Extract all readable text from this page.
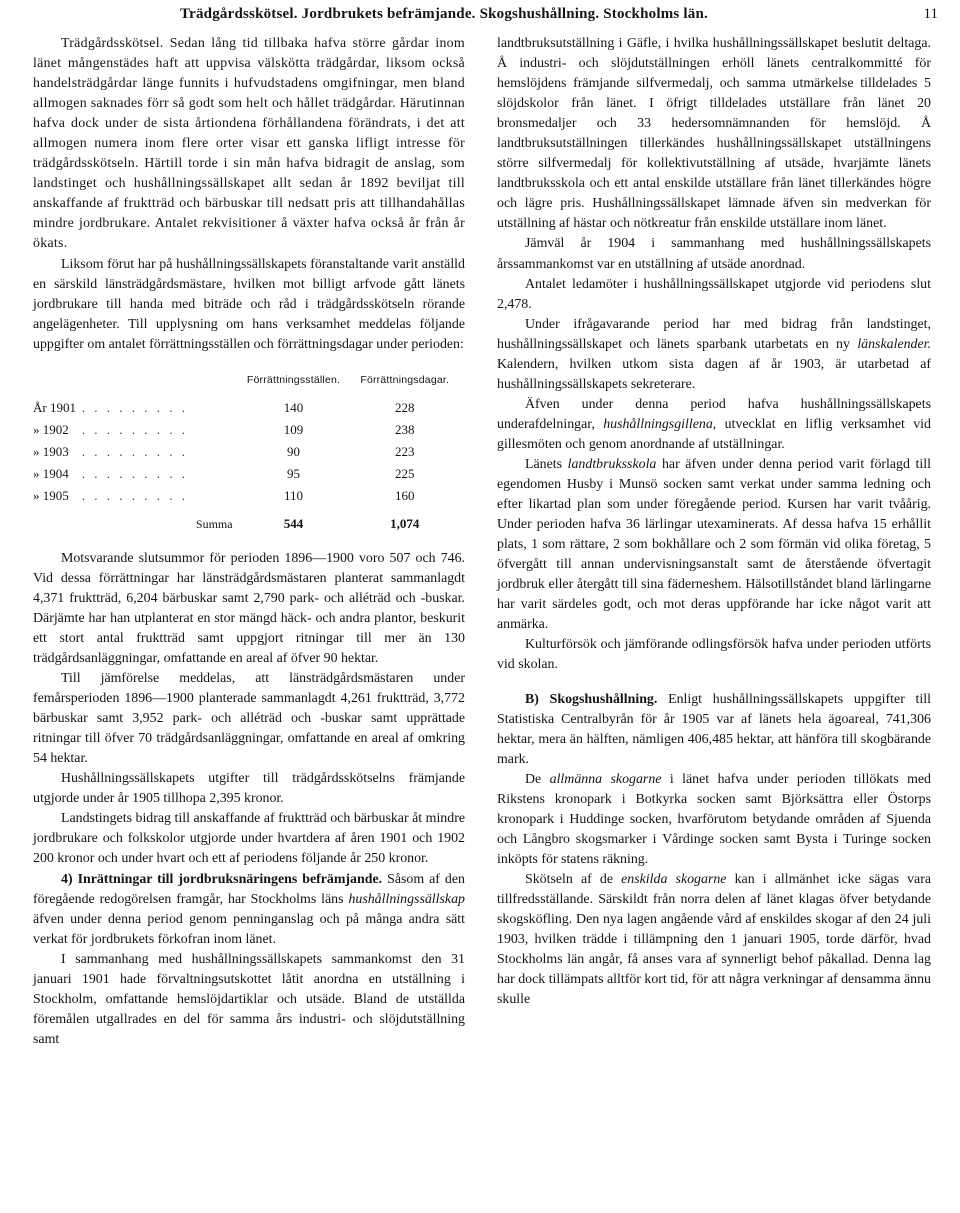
Trädgårdsskötsel. Jordbrukets befrämjande. Skogshushållning. Stockholms län.	11

Trädgårdsskötsel. Sedan lång tid tillbaka hafva större gårdar inom länet mångenstädes haft att uppvisa välskötta trädgårdar, liksom också handelsträdgårdar länge funnits i hufvudstadens omgifningar, men bland allmogen saknades förr så godt som helt och hållet trädgårdar. Härutinnan hafva dock under de sista årtiondena förhållandena förändrats, i det att allmogen numera inom flere orter visar ett ganska lifligt intresse för trädgårdsskötseln. Härtill torde i sin mån hafva bidragit de anslag, som landstinget och hushållningssällskapet allt sedan år 1892 beviljat till anskaffande af fruktträd och bärbuskar till nedsatt pris att tillhandahållas mindre jordbrukare. Antalet rekvisitioner å växter hafva också år från år ökats.

Liksom förut har på hushållningssällskapets föranstaltande varit anställd en särskild länsträdgårdsmästare, hvilken mot billigt arfvode gått länets jordbrukare till handa med biträde och råd i trädgårdsskötseln rörande angelägenheter. Till upplysning om hans verksamhet meddelas följande uppgifter om antalet förrättningsställen och förrättningsdagar under perioden:

		Förrättningsställen.	Förrättningsdagar.
År 1901	. . . . . . . . .	140	228
» 1902	. . . . . . . . .	109	238
» 1903	. . . . . . . . .	90	223
» 1904	. . . . . . . . .	95	225
» 1905	. . . . . . . . .	110	160
	Summa	544	1,074

Motsvarande slutsummor för perioden 1896—1900 voro 507 och 746. Vid dessa förrättningar har länsträdgårdsmästaren planterat sammanlagdt 4,371 fruktträd, 6,204 bärbuskar samt 2,790 park- och alléträd och -buskar. Därjämte har han utplanterat en stor mängd häck- och andra plantor, beskurit ett stort antal fruktträd samt uppgjort ritningar till mer än 130 trädgårdsanläggningar, omfattande en areal af öfver 90 hektar.

Till jämförelse meddelas, att länsträdgårdsmästaren under femårsperioden 1896—1900 planterade sammanlagdt 4,261 fruktträd, 3,772 bärbuskar samt 3,952 park- och alléträd och -buskar samt upprättade ritningar till öfver 70 trädgårdsanläggningar, omfattande en areal af omkring 54 hektar.

Hushållningssällskapets utgifter till trädgårdsskötselns främjande utgjorde under år 1905 tillhopa 2,395 kronor.

Landstingets bidrag till anskaffande af fruktträd och bärbuskar åt mindre jordbrukare och folkskolor utgjorde under hvartdera af åren 1901 och 1902 200 kronor och under hvart och ett af periodens följande år 250 kronor.

4) Inrättningar till jordbruksnäringens befrämjande. Såsom af den föregående redogörelsen framgår, har Stockholms läns hushållningssällskap äfven under denna period genom penninganslag och på många andra sätt verkat för jordbrukets förkofran inom länet.

I sammanhang med hushållningssällskapets sammankomst den 31 januari 1901 hade förvaltningsutskottet låtit anordna en utställning i Stockholm, omfattande hemslöjdartiklar och utsäde. Bland de utställda föremålen utgallrades en del för samma års industri- och slöjdutställning samt

landtbruksutställning i Gäfle, i hvilka hushållningssällskapet beslutit deltaga. Å industri- och slöjdutställningen erhöll länets centralkommitté för hemslöjdens främjande silfvermedalj, och samma utmärkelse tilldelades 5 slöjdskolor från länet. I öfrigt tilldelades utställare från länet 20 bronsmedaljer och 33 hedersomnämnanden för hemslöjd. Å landtbruksutställningen tillerkändes hushållningssällskapet utställningens större silfvermedalj för kollektivutställning af utsäde, hvarjämte länets landtbruksskola och ett antal enskilde utställare från länet tillerkändes högre och lägre pris. Hushållningssällskapet lämnade äfven sin medverkan för utställning af hästar och nötkreatur från enskilde utställare inom länet.

Jämväl år 1904 i sammanhang med hushållningssällskapets årssammankomst var en utställning af utsäde anordnad.

Antalet ledamöter i hushållningssällskapet utgjorde vid periodens slut 2,478.

Under ifrågavarande period har med bidrag från landstinget, hushållningssällskapet och länets sparbank utarbetats en ny länskalender. Kalendern, hvilken utkom sista dagen af år 1903, är utarbetad af hushållningssällskapets sekreterare.

Äfven under denna period hafva hushållningssällskapets underafdelningar, hushållningsgillena, utvecklat en liflig verksamhet vid gillesmöten och genom anordnande af utställningar.

Länets landtbruksskola har äfven under denna period varit förlagd till egendomen Husby i Munsö socken samt verkat under samma ledning och efter likartad plan som under föregående period. Kursen har varit tvåårig. Under perioden hafva 36 lärlingar utexaminerats. Af dessa hafva 15 erhållit plats, 1 som rättare, 2 som bokhållare och 2 som förmän vid olika företag, 5 öfvergått till annan undervisningsanstalt samt de återstående öfvertagit jordbruk eller återgått till sina fäderneshem. Hälsotillståndet bland lärlingarne har varit särdeles godt, och mot deras uppförande har icke något varit att anmärka.

Kulturförsök och jämförande odlingsförsök hafva under perioden utförts vid skolan.

B) Skogshushållning. Enligt hushållningssällskapets uppgifter till Statistiska Centralbyrån för år 1905 var af länets hela ägoareal, 741,306 hektar, mera än hälften, nämligen 406,485 hektar, att hänföra till skogbärande mark.

De allmänna skogarne i länet hafva under perioden tillökats med Rikstens kronopark i Botkyrka socken samt Björksättra eller Östorps kronopark i Huddinge socken, hvarförutom betydande områden af Sjuenda och Långbro skogsmarker i Vårdinge socken samt Bysta i Turinge socken inköpts för statens räkning.

Skötseln af de enskilda skogarne kan i allmänhet icke sägas vara tillfredsställande. Särskildt från norra delen af länet klagas öfver betydande skogsköfling. Den nya lagen angående vård af enskildes skogar af den 24 juli 1903, hvilken trädde i tillämpning den 1 januari 1905, torde därför, hvad Stockholms län angår, få anses vara af synnerligt behof påkallad. Denna lag har dock tillämpats alltför kort tid, för att några verkningar af densamma ännu skulle
